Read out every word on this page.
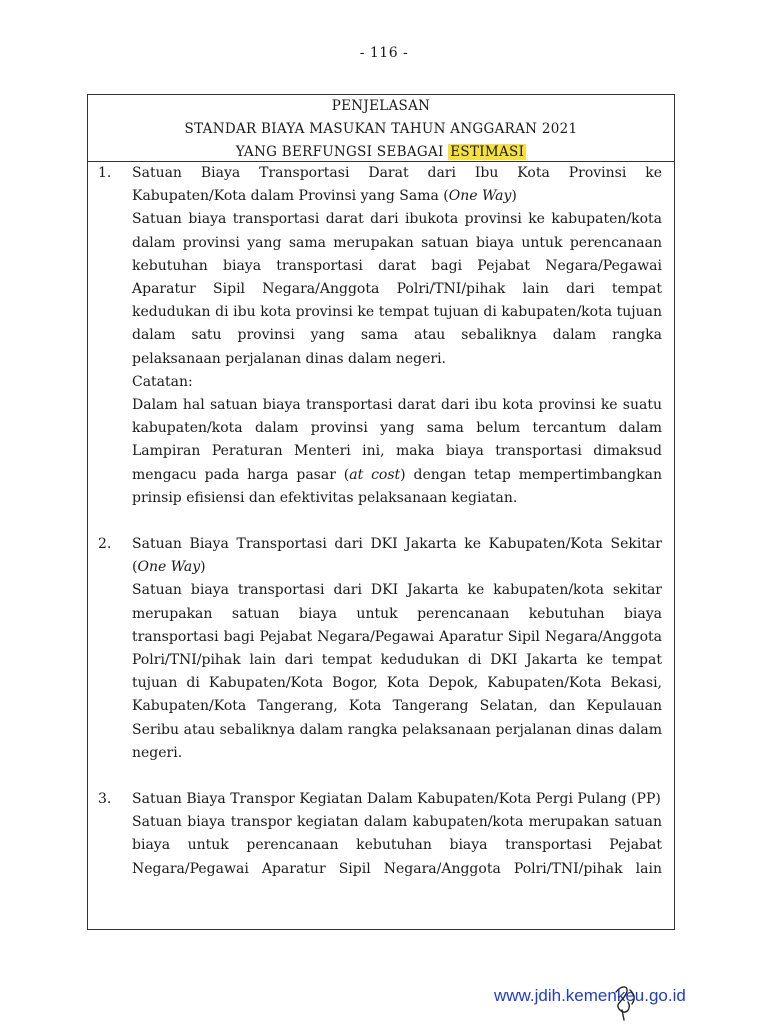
- 116 -
PENJELASAN
STANDAR BIAYA MASUKAN TAHUN ANGGARAN 2021
YANG BERFUNGSI SEBAGAI ESTIMASI
1. Satuan Biaya Transportasi Darat dari Ibu Kota Provinsi ke

Kabupaten/Kota dalam Provinsi yang Sama (One Way)

Satuan biaya transportasi darat dari ibukota provinsi ke kabupaten/kota dalam provinsi yang sama merupakan satuan biaya untuk perencanaan kebutuhan biaya transportasi darat bagi Pejabat Negara/Pegawai Aparatur Sipil Negara/Anggota Polri/TNI/pihak lain dari tempat kedudukan di ibu kota provinsi ke tempat tujuan di kabupaten/kota tujuan dalam satu provinsi yang sama atau sebaliknya dalam rangka pelaksanaan perjalanan dinas dalam negeri.

Catatan:

Dalam hal satuan biaya transportasi darat dari ibu kota provinsi ke suatu kabupaten/kota dalam provinsi yang sama belum tercantum dalam Lampiran Peraturan Menteri ini, maka biaya transportasi dimaksud mengacu pada harga pasar (at cost) dengan tetap mempertimbangkan prinsip efisiensi dan efektivitas pelaksanaan kegiatan.

2. Satuan Biaya Transportasi dari DKI Jakarta ke Kabupaten/Kota Sekitar (One Way)

Satuan biaya transportasi dari DKI Jakarta ke kabupaten/kota sekitar merupakan satuan biaya untuk perencanaan kebutuhan biaya transportasi bagi Pejabat Negara/Pegawai Aparatur Sipil Negara/Anggota Polri/TNI/pihak lain dari tempat kedudukan di DKI Jakarta ke tempat tujuan di Kabupaten/Kota Bogor, Kota Depok, Kabupaten/Kota Bekasi, Kabupaten/Kota Tangerang, Kota Tangerang Selatan, dan Kepulauan Seribu atau sebaliknya dalam rangka pelaksanaan perjalanan dinas dalam negeri.

3. Satuan Biaya Transpor Kegiatan Dalam Kabupaten/Kota Pergi Pulang (PP)

Satuan biaya transpor kegiatan dalam kabupaten/kota merupakan satuan biaya untuk perencanaan kebutuhan biaya transportasi Pejabat Negara/Pegawai Aparatur Sipil Negara/Anggota Polri/TNI/pihak lain

www.jdih.kemenkeu.go.id
